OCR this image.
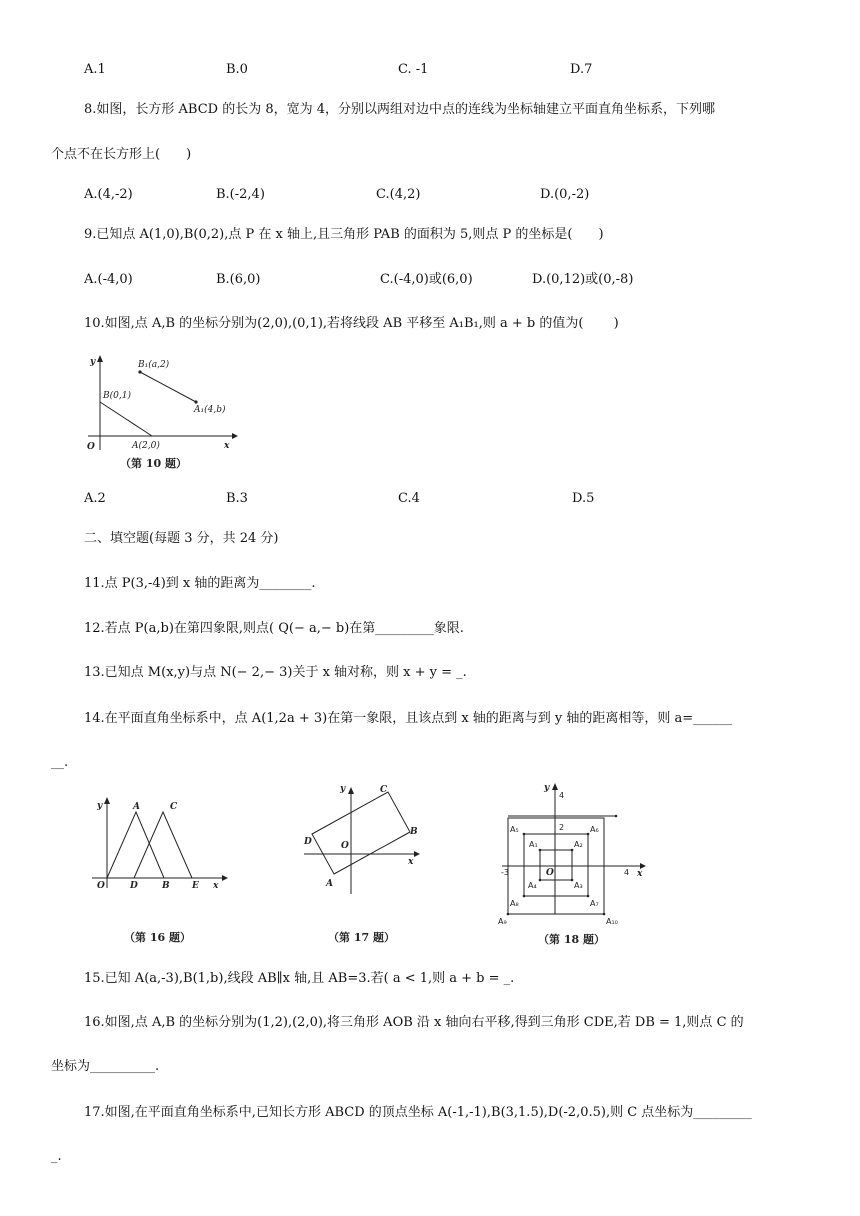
A.1	B.0	C. -1	D.7
8.如图，长方形 ABCD 的长为 8，宽为 4，分别以两组对边中点的连线为坐标轴建立平面直角坐标系，下列哪
个点不在长方形上(　　)
A.(4,-2)	B.(-2,4)	C.(4,2)	D.(0,-2)
9.已知点 A(1,0),B(0,2),点 P 在 x 轴上,且三角形 PAB 的面积为 5,则点 P 的坐标是(　　)
A.(-4,0)	B.(6,0)	C.(-4,0)或(6,0)	D.(0,12)或(0,-8)
10.如图,点 A,B 的坐标分别为(2,0),(0,1),若将线段 AB 平移至 A₁B₁,则 a + b 的值为(　　 )
y
x
O
B₁(a,2)
A₁(4,b)
B(0,1)
A(2,0)
（第 10 题）
A.2	B.3	C.4	D.5
二、填空题(每题 3 分，共 24 分)
11.点 P(3,-4)到 x 轴的距离为________.
12.若点 P(a,b)在第四象限,则点( Q(− a,− b)在第_________象限.
13.已知点 M(x,y)与点 N(− 2,− 3)关于 x 轴对称，则 x + y = _.
14.在平面直角坐标系中，点 A(1,2a + 3)在第一象限，且该点到 x 轴的距离与到 y 轴的距离相等，则 a=______
__.
y	A	C
O	D	B E x
（第 16 题）
y	C
D	O
B
A
x
（第 17 题）
y
4
2
-3	O	4 x
A₁	A₂
A₃
A₄
A₅	A₆
A₇
A₈
A₉	A₁₀
（第 18 题）
15.已知 A(a,-3),B(1,b),线段 AB∥x 轴,且 AB=3.若( a < 1,则 a + b = _.
16.如图,点 A,B 的坐标分别为(1,2),(2,0),将三角形 AOB 沿 x 轴向右平移,得到三角形 CDE,若 DB = 1,则点 C 的
坐标为__________.
17.如图,在平面直角坐标系中,已知长方形 ABCD 的顶点坐标 A(-1,-1),B(3,1.5),D(-2,0.5),则 C 点坐标为_________
_.
